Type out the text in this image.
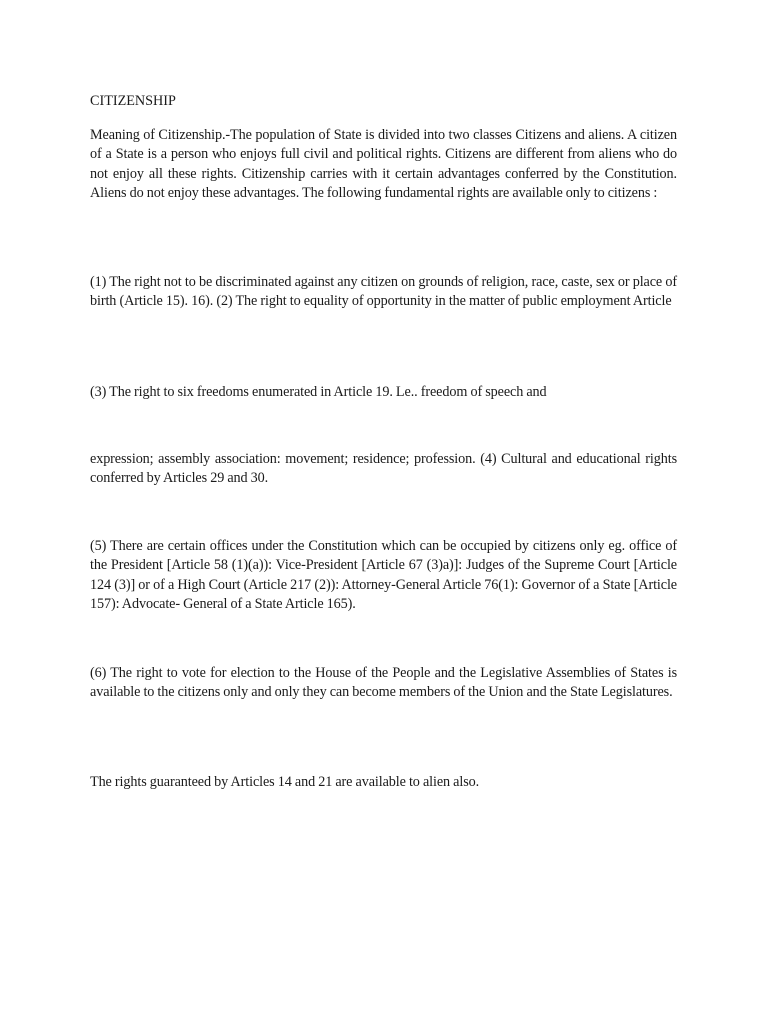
CITIZENSHIP

Meaning of Citizenship.-The population of State is divided into two classes Citizens and aliens. A citizen of a State is a person who enjoys full civil and political rights. Citizens are different from aliens who do not enjoy all these rights. Citizenship carries with it certain advantages conferred by the Constitution. Aliens do not enjoy these advantages. The following fundamental rights are available only to citizens :

(1) The right not to be discriminated against any citizen on grounds of religion, race, caste, sex or place of birth (Article 15). 16). (2) The right to equality of opportunity in the matter of public employment Article

(3) The right to six freedoms enumerated in Article 19. Le.. freedom of speech and

expression; assembly association: movement; residence; profession. (4) Cultural and educational rights conferred by Articles 29 and 30.

(5) There are certain offices under the Constitution which can be occupied by citizens only eg. office of the President [Article 58 (1)(a)): Vice-President [Article 67 (3)a)]: Judges of the Supreme Court [Article 124 (3)] or of a High Court (Article 217 (2)): Attorney-General Article 76(1): Governor of a State [Article 157): Advocate- General of a State Article 165).

(6) The right to vote for election to the House of the People and the Legislative Assemblies of States is available to the citizens only and only they can become members of the Union and the State Legislatures.

The rights guaranteed by Articles 14 and 21 are available to alien also.
